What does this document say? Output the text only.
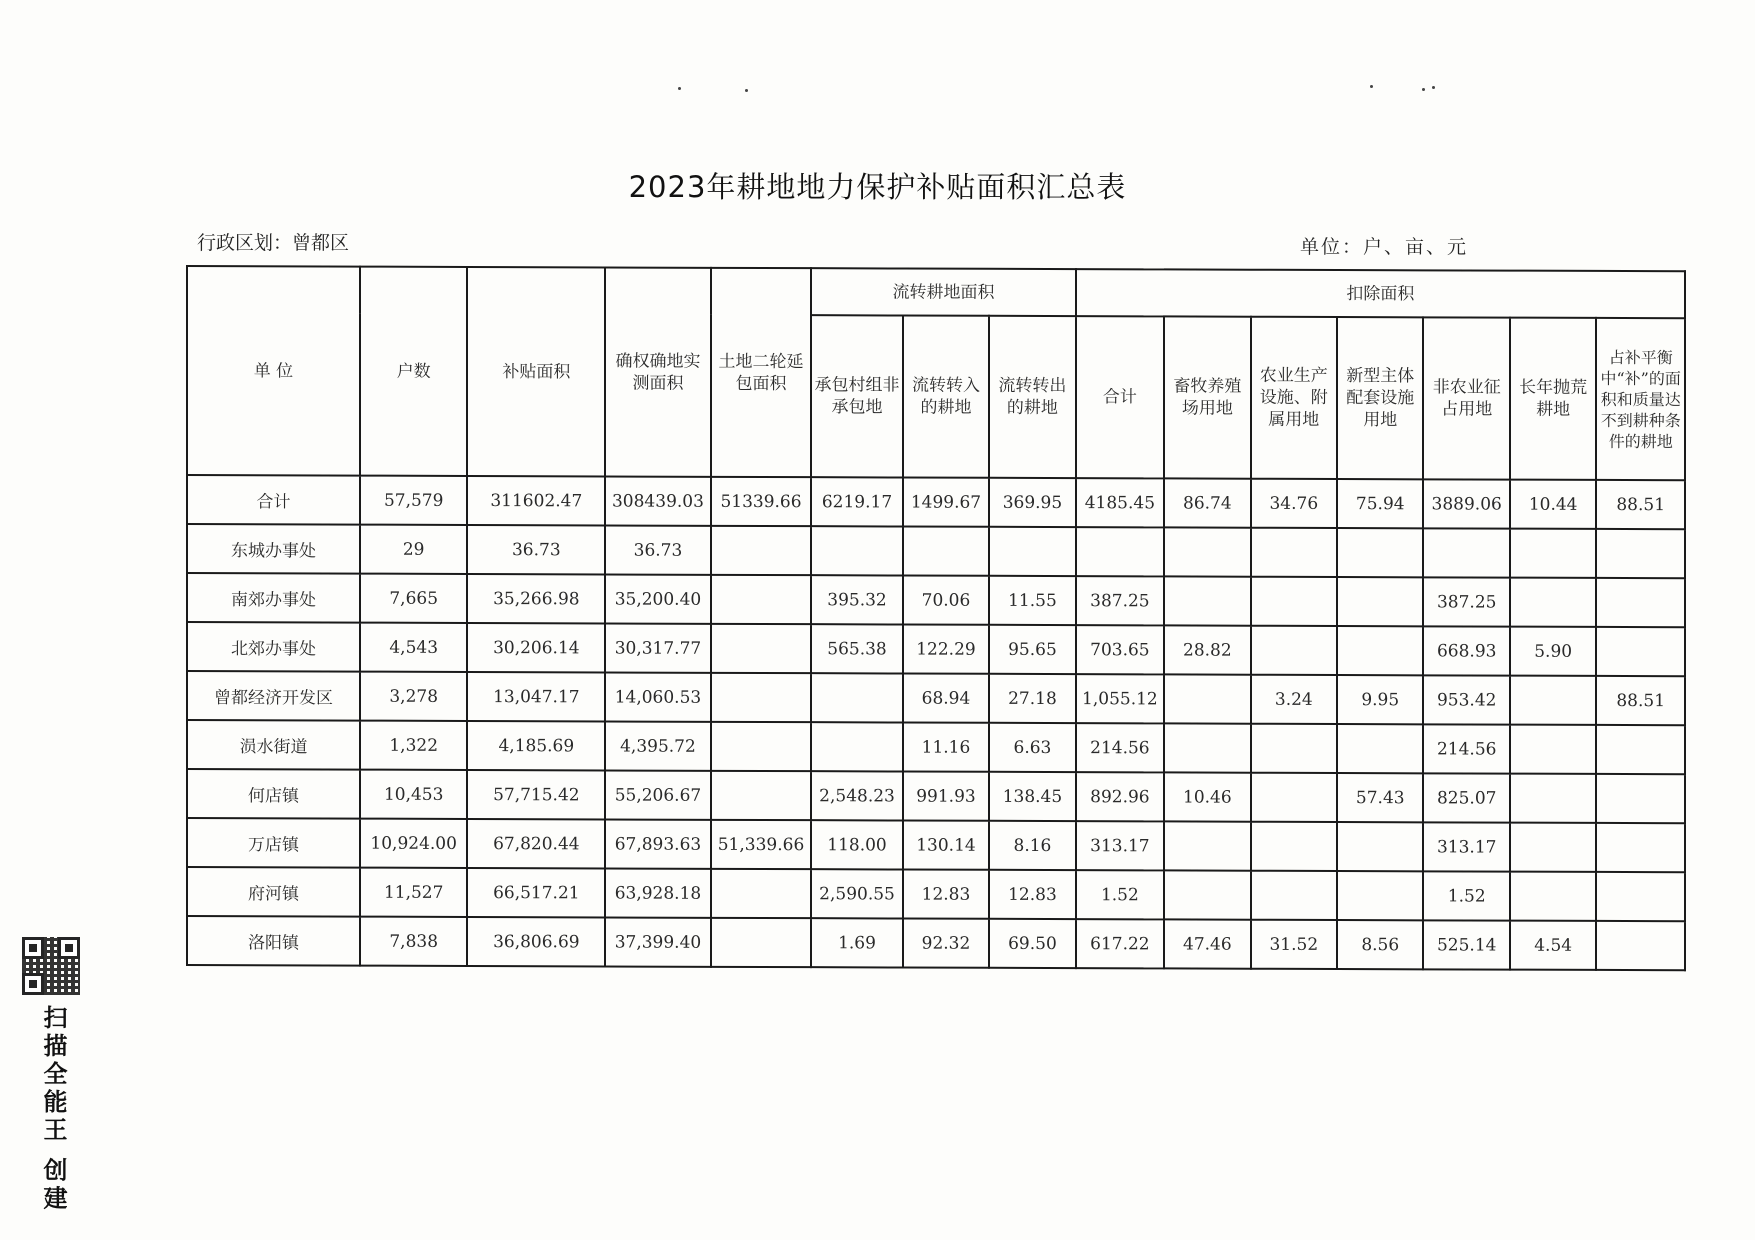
2023年耕地地力保护补贴面积汇总表
行政区划：曾都区	单位：户、亩、元
单 位	户数	补贴面积	确权确地实测面积	土地二轮延包面积	流转耕地面积			扣除面积						
					承包村组非承包地	流转转入的耕地	流转转出的耕地	合计	畜牧养殖场用地	农业生产设施、附属用地	新型主体配套设施用地	非农业征占用地	长年抛荒耕地	占补平衡中“补”的面积和质量达不到耕种条件的耕地
合计	57,579	311602.47	308439.03	51339.66	6219.17	1499.67	369.95	4185.45	86.74	34.76	75.94	3889.06	10.44	88.51
东城办事处	29	36.73	36.73											
南郊办事处	7,665	35,266.98	35,200.40		395.32	70.06	11.55	387.25				387.25		
北郊办事处	4,543	30,206.14	30,317.77		565.38	122.29	95.65	703.65	28.82			668.93	5.90	
曾都经济开发区	3,278	13,047.17	14,060.53			68.94	27.18	1,055.12		3.24	9.95	953.42		88.51
涢水街道	1,322	4,185.69	4,395.72			11.16	6.63	214.56				214.56		
何店镇	10,453	57,715.42	55,206.67		2,548.23	991.93	138.45	892.96	10.46		57.43	825.07		
万店镇	10,924.00	67,820.44	67,893.63	51,339.66	118.00	130.14	8.16	313.17				313.17		
府河镇	11,527	66,517.21	63,928.18		2,590.55	12.83	12.83	1.52				1.52		
洛阳镇	7,838	36,806.69	37,399.40		1.69	92.32	69.50	617.22	47.46	31.52	8.56	525.14	4.54	
扫描全能王 创建
